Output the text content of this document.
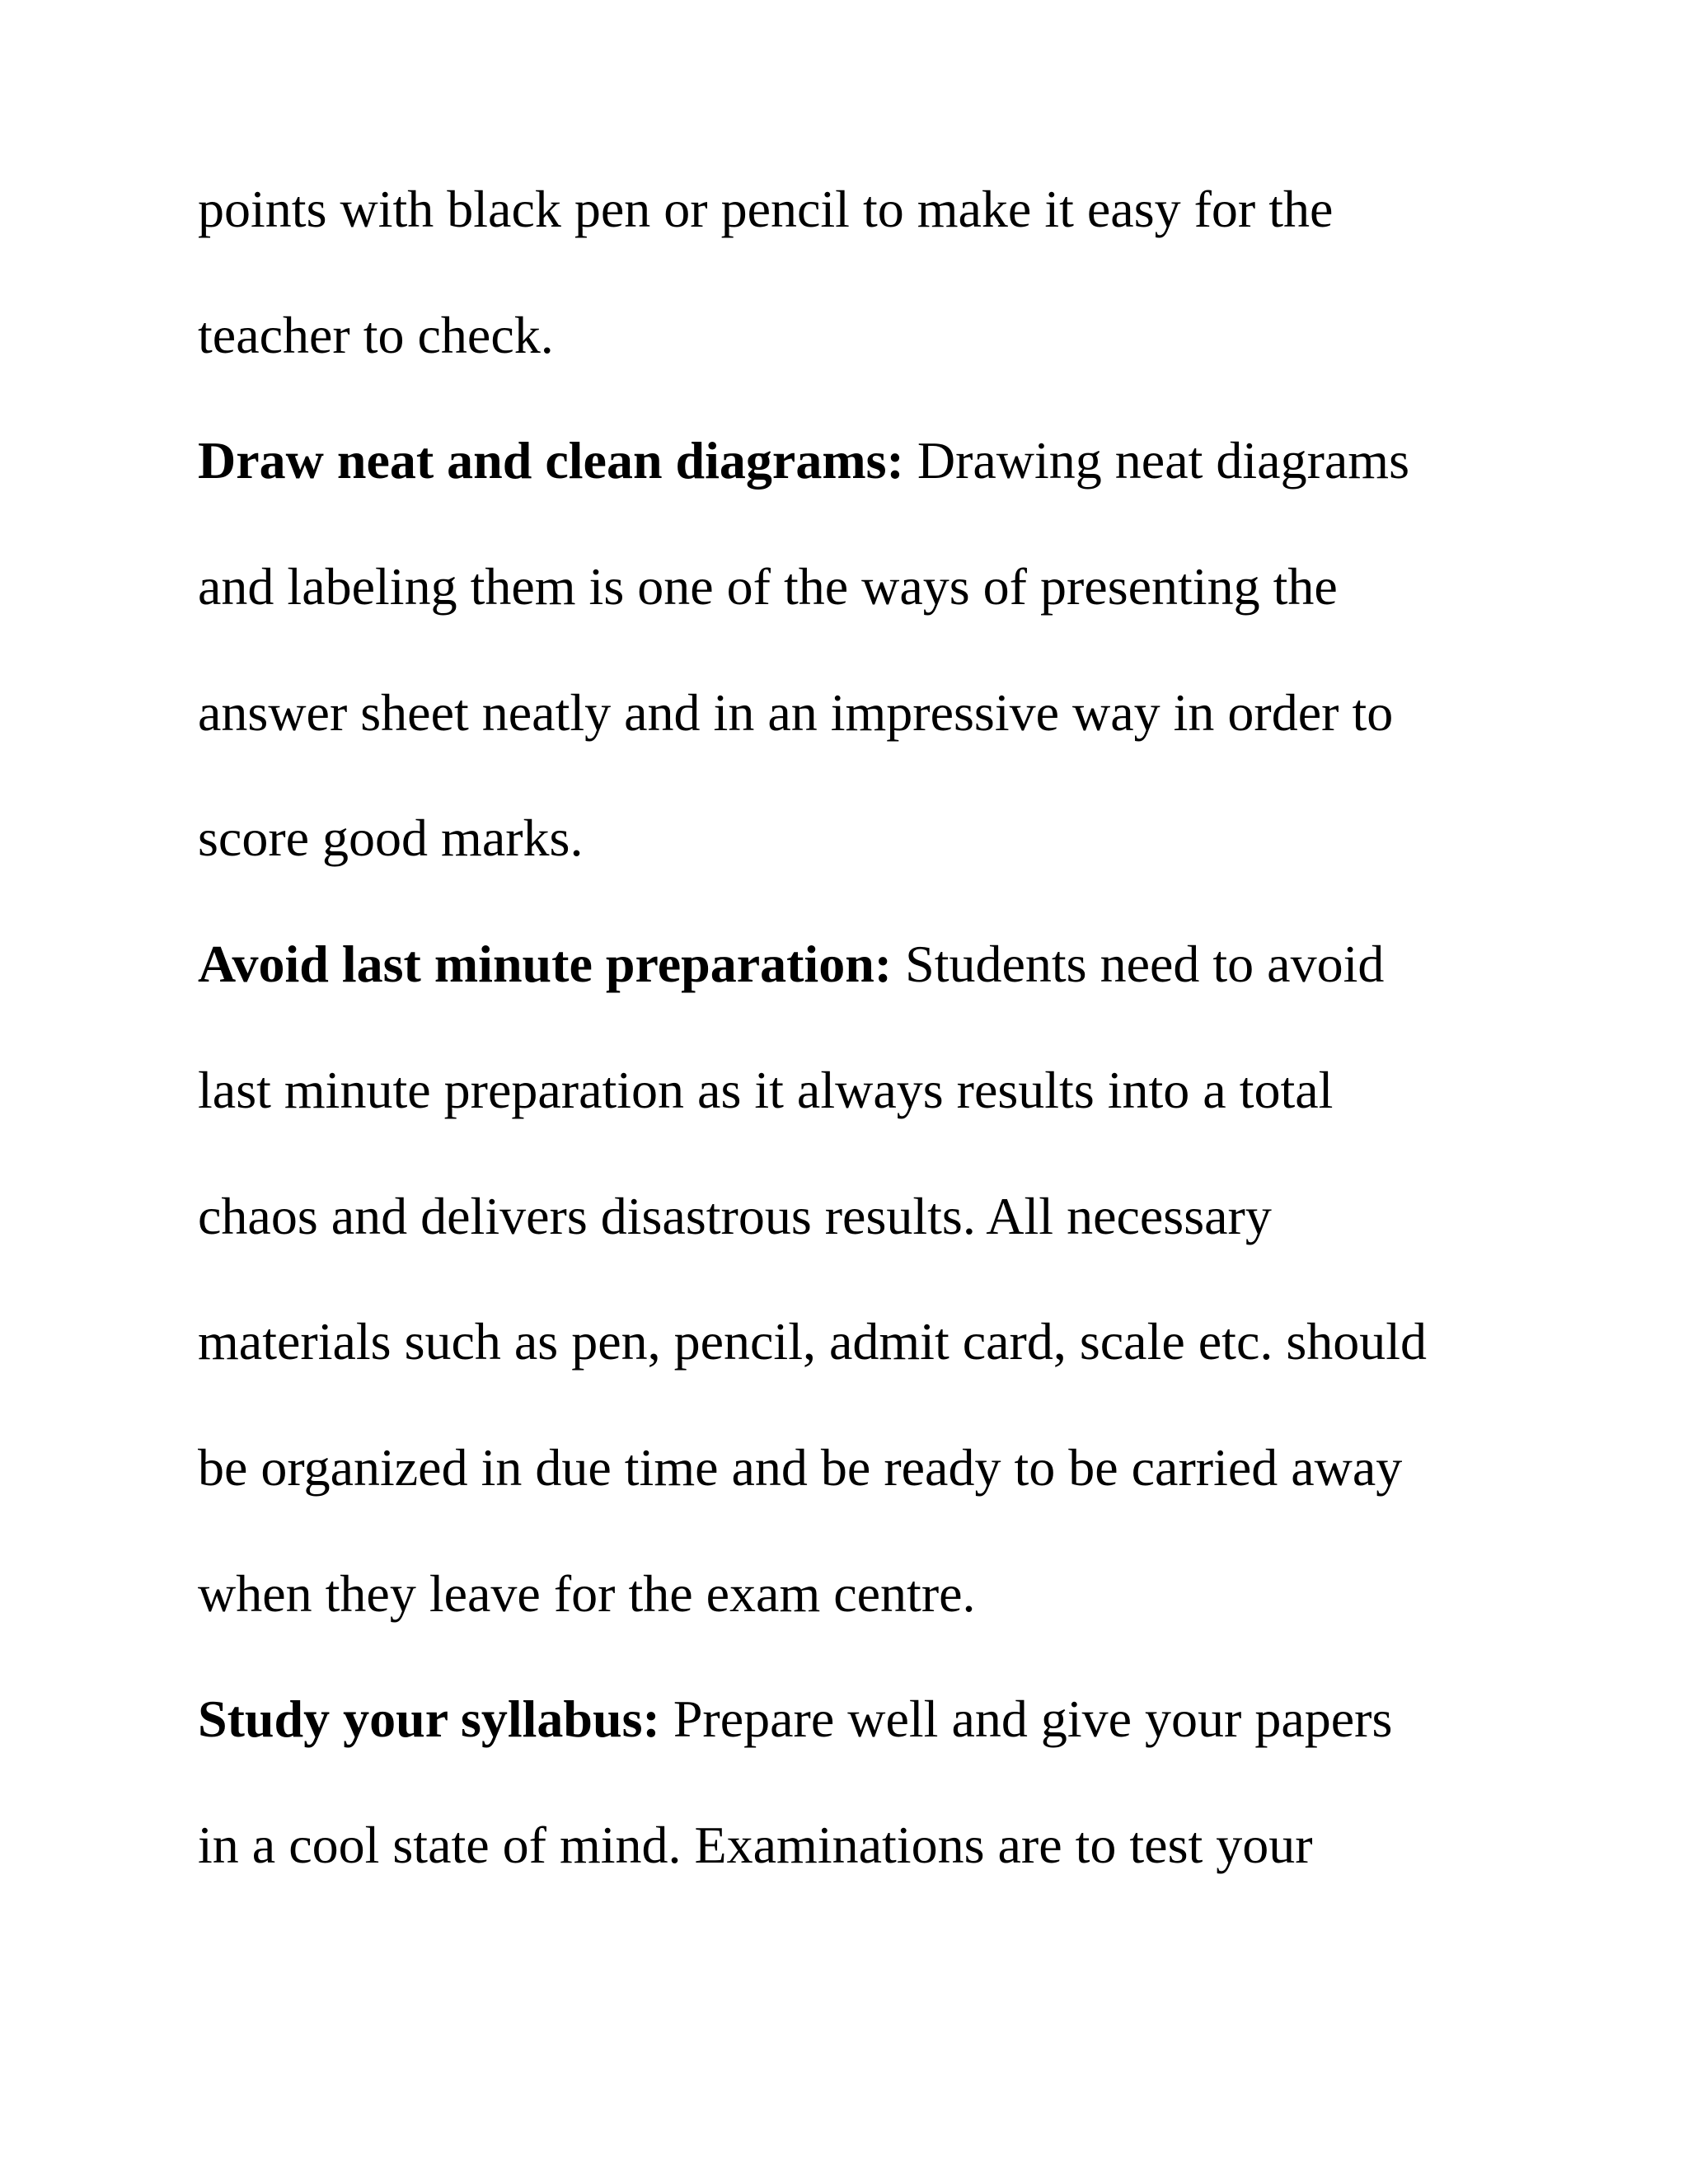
points with black pen or pencil to make it easy for the
teacher to check.
Draw neat and clean diagrams: Drawing neat diagrams
and labeling them is one of the ways of presenting the
answer sheet neatly and in an impressive way in order to
score good marks.
Avoid last minute preparation: Students need to avoid
last minute preparation as it always results into a total
chaos and delivers disastrous results. All necessary
materials such as pen, pencil, admit card, scale etc. should
be organized in due time and be ready to be carried away
when they leave for the exam centre.
Study your syllabus: Prepare well and give your papers
in a cool state of mind. Examinations are to test your
